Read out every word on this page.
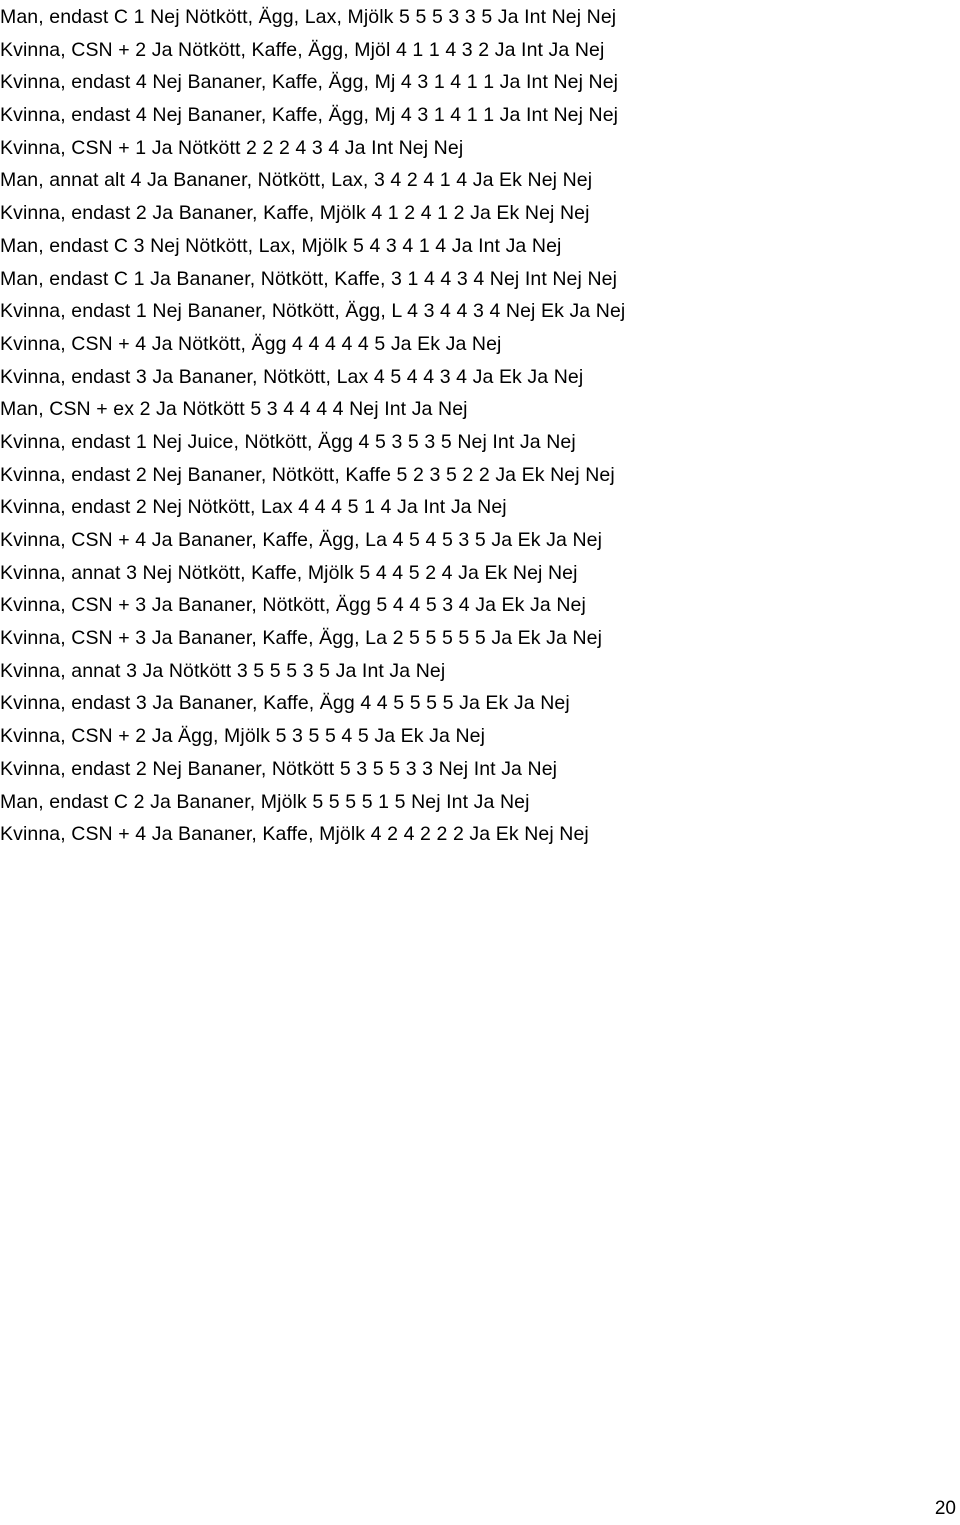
Man, endast C 1 Nej Nötkött, Ägg, Lax, Mjölk 5 5 5 3 3 5 Ja Int Nej Nej
Kvinna, CSN + 2 Ja Nötkött, Kaffe, Ägg, Mjöl 4 1 1 4 3 2 Ja Int Ja Nej
Kvinna, endast 4 Nej Bananer, Kaffe, Ägg, Mj 4 3 1 4 1 1 Ja Int Nej Nej
Kvinna, endast 4 Nej Bananer, Kaffe, Ägg, Mj 4 3 1 4 1 1 Ja Int Nej Nej
Kvinna, CSN + 1 Ja Nötkött 2 2 2 4 3 4 Ja Int Nej Nej
Man, annat alt 4 Ja Bananer, Nötkött, Lax, 3 4 2 4 1 4 Ja Ek Nej Nej
Kvinna, endast 2 Ja Bananer, Kaffe, Mjölk 4 1 2 4 1 2 Ja Ek Nej Nej
Man, endast C 3 Nej Nötkött, Lax, Mjölk 5 4 3 4 1 4 Ja Int Ja Nej
Man, endast C 1 Ja Bananer, Nötkött, Kaffe, 3 1 4 4 3 4 Nej Int Nej Nej
Kvinna, endast 1 Nej Bananer, Nötkött, Ägg, L 4 3 4 4 3 4 Nej Ek Ja Nej
Kvinna, CSN + 4 Ja Nötkött, Ägg 4 4 4 4 4 5 Ja Ek Ja Nej
Kvinna, endast 3 Ja Bananer, Nötkött, Lax 4 5 4 4 3 4 Ja Ek Ja Nej
Man, CSN + ex 2 Ja Nötkött 5 3 4 4 4 4 Nej Int Ja Nej
Kvinna, endast 1 Nej Juice, Nötkött, Ägg 4 5 3 5 3 5 Nej Int Ja Nej
Kvinna, endast 2 Nej Bananer, Nötkött, Kaffe 5 2 3 5 2 2 Ja Ek Nej Nej
Kvinna, endast 2 Nej Nötkött, Lax 4 4 4 5 1 4 Ja Int Ja Nej
Kvinna, CSN + 4 Ja Bananer, Kaffe, Ägg, La 4 5 4 5 3 5 Ja Ek Ja Nej
Kvinna, annat 3 Nej Nötkött, Kaffe, Mjölk 5 4 4 5 2 4 Ja Ek Nej Nej
Kvinna, CSN + 3 Ja Bananer, Nötkött, Ägg 5 4 4 5 3 4 Ja Ek Ja Nej
Kvinna, CSN + 3 Ja Bananer, Kaffe, Ägg, La 2 5 5 5 5 5 Ja Ek Ja Nej
Kvinna, annat 3 Ja Nötkött 3 5 5 5 3 5 Ja Int Ja Nej
Kvinna, endast 3 Ja Bananer, Kaffe, Ägg 4 4 5 5 5 5 Ja Ek Ja Nej
Kvinna, CSN + 2 Ja Ägg, Mjölk 5 3 5 5 4 5 Ja Ek Ja Nej
Kvinna, endast 2 Nej Bananer, Nötkött 5 3 5 5 3 3 Nej Int Ja Nej
Man, endast C 2 Ja Bananer, Mjölk 5 5 5 5 1 5 Nej Int Ja Nej
Kvinna, CSN + 4 Ja Bananer, Kaffe, Mjölk 4 2 4 2 2 2 Ja Ek Nej Nej
20
